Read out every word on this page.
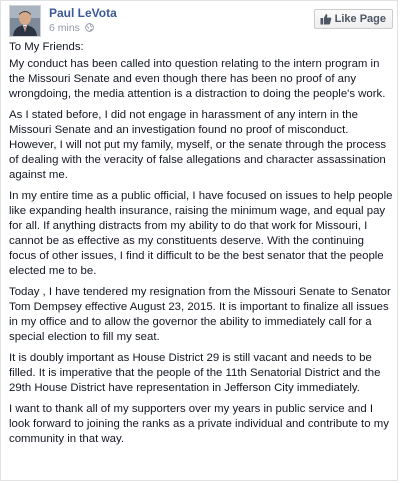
Paul LeVota
6 mins
Like Page

To My Friends:

My conduct has been called into question relating to the intern program in the Missouri Senate and even though there has been no proof of any wrongdoing, the media attention is a distraction to doing the people's work.

As I stated before, I did not engage in harassment of any intern in the Missouri Senate and an investigation found no proof of misconduct. However, I will not put my family, myself, or the senate through the process of dealing with the veracity of false allegations and character assassination against me.

In my entire time as a public official, I have focused on issues to help people like expanding health insurance, raising the minimum wage, and equal pay for all. If anything distracts from my ability to do that work for Missouri, I cannot be as effective as my constituents deserve. With the continuing focus of other issues, I find it difficult to be the best senator that the people elected me to be.

Today , I have tendered my resignation from the Missouri Senate to Senator Tom Dempsey effective August 23, 2015. It is important to finalize all issues in my office and to allow the governor the ability to immediately call for a special election to fill my seat.

It is doubly important as House District 29 is still vacant and needs to be filled. It is imperative that the people of the 11th Senatorial District and the 29th House District have representation in Jefferson City immediately.

I want to thank all of my supporters over my years in public service and I look forward to joining the ranks as a private individual and contribute to my community in that way.
